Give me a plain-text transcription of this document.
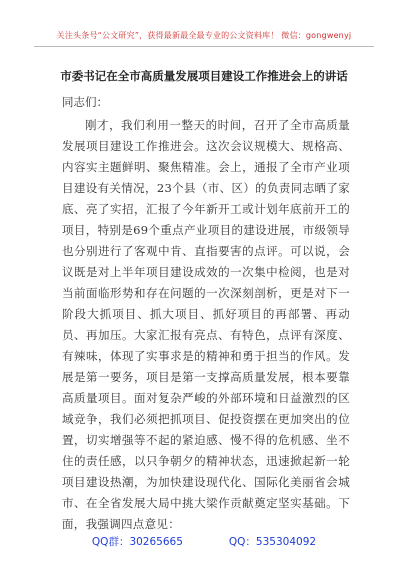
关注头条号“公文研究”，获得最新最全最专业的公文资料库！ 微信：gongwenyj
市委书记在全市高质量发展项目建设工作推进会上的讲话
同志们：
刚才，我们利用一整天的时间，召开了全市高质量发展项目建设工作推进会。这次会议规模大、规格高、内容实主题鲜明、聚焦精准。会上，通报了全市产业项目建设有关情况，23个县（市、区）的负责同志晒了家底、亮了实招，汇报了今年新开工或计划年底前开工的项目，特别是69个重点产业项目的建设进展，市级领导也分别进行了客观中肯、直指要害的点评。可以说，会议既是对上半年项目建设成效的一次集中检阅，也是对当前面临形势和存在问题的一次深刻剖析，更是对下一阶段大抓项目、抓大项目、抓好项目的再部署、再动员、再加压。大家汇报有亮点、有特色，点评有深度、有辣味，体现了实事求是的精神和勇于担当的作风。发展是第一要务，项目是第一支撑高质量发展，根本要靠高质量项目。面对复杂严峻的外部环境和日益激烈的区域竞争，我们必须把抓项目、促投资摆在更加突出的位置，切实增强等不起的紧迫感、慢不得的危机感、坐不住的责任感，以只争朝夕的精神状态，迅速掀起新一轮项目建设热潮，为加快建设现代化、国际化美丽省会城市、在全省发展大局中挑大梁作贡献奠定坚实基础。下面，我强调四点意见：
QQ群：30265665	QQ：535304092
